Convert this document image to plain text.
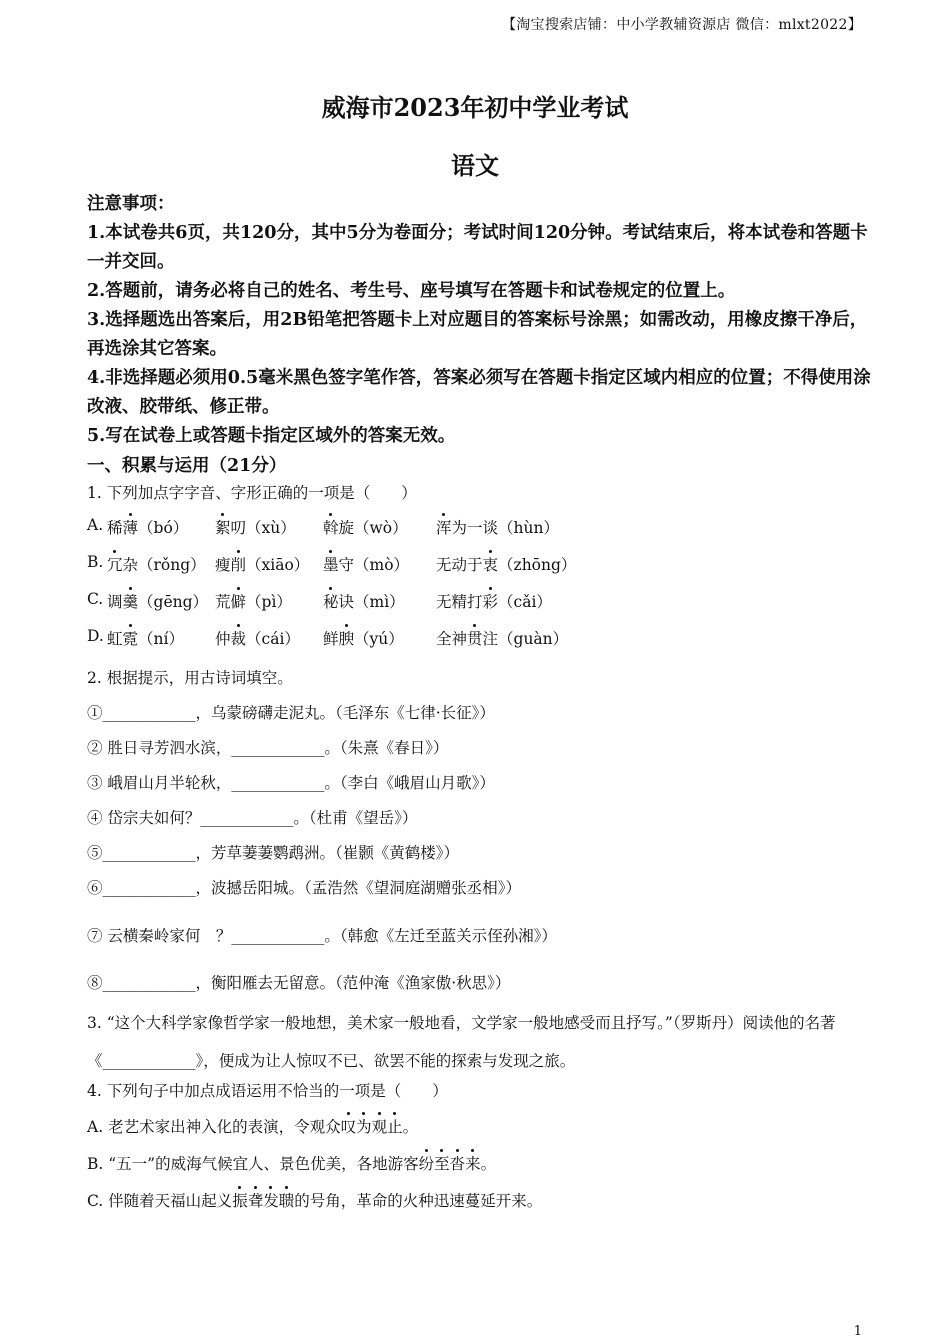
【淘宝搜索店铺：中小学教辅资源店 微信：mlxt2022】
威海市2023年初中学业考试
语文
注意事项：
1.本试卷共6页，共120分，其中5分为卷面分；考试时间120分钟。考试结束后，将本试卷和答题卡一并交回。
2.答题前，请务必将自己的姓名、考生号、座号填写在答题卡和试卷规定的位置上。
3.选择题选出答案后，用2B铅笔把答题卡上对应题目的答案标号涂黑；如需改动，用橡皮擦干净后，再选涂其它答案。
4.非选择题必须用0.5毫米黑色签字笔作答，答案必须写在答题卡指定区域内相应的位置；不得使用涂改液、胶带纸、修正带。
5.写在试卷上或答题卡指定区域外的答案无效。
一、积累与运用（21分）
1. 下列加点字字音、字形正确的一项是（　　）
A. 稀薄（bó） 絮叨（xù） 斡旋（wò） 浑为一谈（hùn）
B. 冗杂（rǒng） 瘦削（xiāo） 墨守（mò） 无动于衷（zhōng）
C. 调羹（gēng） 荒僻（pì） 秘诀（mì） 无精打彩（cǎi）
D. 虹霓（ní） 仲裁（cái） 鲜腴（yú） 全神贯注（guàn）
2. 根据提示，用古诗词填空。
①____________，乌蒙磅礴走泥丸。（毛泽东《七律·长征》）
② 胜日寻芳泗水滨，____________。（朱熹《春日》）
③ 峨眉山月半轮秋，____________。（李白《峨眉山月歌》）
④ 岱宗夫如何？____________。（杜甫《望岳》）
⑤____________，芳草萋萋鹦鹉洲。（崔颢《黄鹤楼》）
⑥____________，波撼岳阳城。（孟浩然《望洞庭湖赠张丞相》）
⑦ 云横秦岭家何　？____________。（韩愈《左迁至蓝关示侄孙湘》）
⑧____________，衡阳雁去无留意。（范仲淹《渔家傲·秋思》）
3. “这个大科学家像哲学家一般地想，美术家一般地看，文学家一般地感受而且抒写。”（罗斯丹）阅读他的名著《____________》，便成为让人惊叹不已、欲罢不能的探索与发现之旅。
4. 下列句子中加点成语运用不恰当的一项是（　　）
A. 老艺术家出神入化的表演，令观众叹为观止。
B. “五一”的威海气候宜人、景色优美，各地游客纷至沓来。
C. 伴随着天福山起义振聋发聩的号角，革命的火种迅速蔓延开来。
1
